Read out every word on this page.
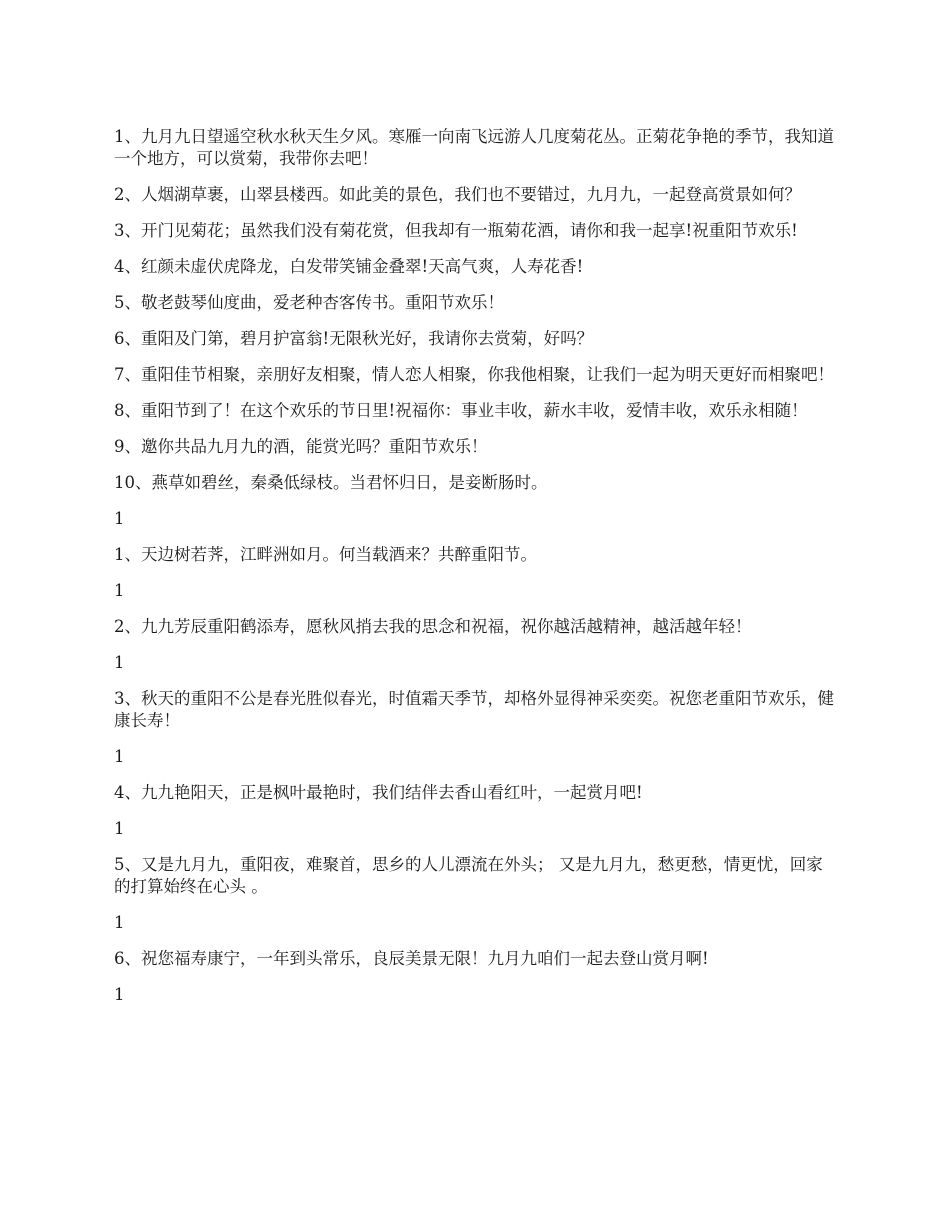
1、九月九日望遥空秋水秋天生夕风。寒雁一向南飞远游人几度菊花丛。正菊花争艳的季节，我知道一个地方，可以赏菊，我带你去吧！

2、人烟湖草裹，山翠县楼西。如此美的景色，我们也不要错过，九月九，一起登高赏景如何？

3、开门见菊花；虽然我们没有菊花赏，但我却有一瓶菊花酒，请你和我一起享!祝重阳节欢乐!

4、红颜未虚伏虎降龙，白发带笑铺金叠翠!天高气爽，人寿花香!

5、敬老鼓琴仙度曲，爱老种杏客传书。重阳节欢乐！

6、重阳及门第，碧月护富翁!无限秋光好，我请你去赏菊，好吗？

7、重阳佳节相聚，亲朋好友相聚，情人恋人相聚，你我他相聚，让我们一起为明天更好而相聚吧！

8、重阳节到了！在这个欢乐的节日里!祝福你：事业丰收，薪水丰收，爱情丰收，欢乐永相随！

9、邀你共品九月九的酒，能赏光吗？重阳节欢乐！

10、燕草如碧丝，秦桑低绿枝。当君怀归日，是妾断肠时。

1

1、天边树若荠，江畔洲如月。何当载酒来？共醉重阳节。

1

2、九九芳辰重阳鹤添寿，愿秋风捎去我的思念和祝福，祝你越活越精神，越活越年轻！

1

3、秋天的重阳不公是春光胜似春光，时值霜天季节，却格外显得神采奕奕。祝您老重阳节欢乐，健康长寿！

1

4、九九艳阳天，正是枫叶最艳时，我们结伴去香山看红叶，一起赏月吧!

1

5、又是九月九，重阳夜，难聚首，思乡的人儿漂流在外头； 又是九月九，愁更愁，情更忧，回家的打算始终在心头 。

1

6、祝您福寿康宁，一年到头常乐，良辰美景无限！九月九咱们一起去登山赏月啊!

1
